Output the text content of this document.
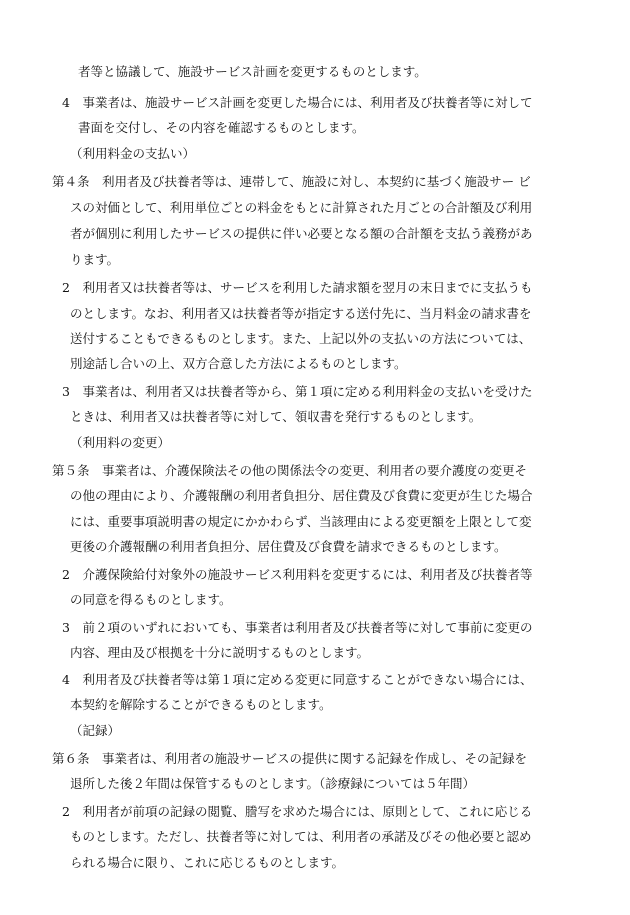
者等と協議して、施設サービス計画を変更するものとします。
4　事業者は、施設サービス計画を変更した場合には、利用者及び扶養者等に対して
書面を交付し、その内容を確認するものとします。
（利用料金の支払い）
第４条　利用者及び扶養者等は、連帯して、施設に対し、本契約に基づく施設サー ビ
スの対価として、利用単位ごとの料金をもとに計算された月ごとの合計額及び利用
者が個別に利用したサービスの提供に伴い必要となる額の合計額を支払う義務があ
ります。
2　利用者又は扶養者等は、サービスを利用した請求額を翌月の末日までに支払うも
のとします。なお、利用者又は扶養者等が指定する送付先に、当月料金の請求書を
送付することもできるものとします。また、上記以外の支払いの方法については、
別途話し合いの上、双方合意した方法によるものとします。
3　事業者は、利用者又は扶養者等から、第１項に定める利用料金の支払いを受けた
ときは、利用者又は扶養者等に対して、領収書を発行するものとします。
（利用料の変更）
第５条　事業者は、介護保険法その他の関係法令の変更、利用者の要介護度の変更そ
の他の理由により、介護報酬の利用者負担分、居住費及び食費に変更が生じた場合
には、重要事項説明書の規定にかかわらず、当該理由による変更額を上限として変
更後の介護報酬の利用者負担分、居住費及び食費を請求できるものとします。
2　介護保険給付対象外の施設サービス利用料を変更するには、利用者及び扶養者等
の同意を得るものとします。
3　前２項のいずれにおいても、事業者は利用者及び扶養者等に対して事前に変更の
内容、理由及び根拠を十分に説明するものとします。
4　利用者及び扶養者等は第１項に定める変更に同意することができない場合には、
本契約を解除することができるものとします。
（記録）
第６条　事業者は、利用者の施設サービスの提供に関する記録を作成し、その記録を
退所した後２年間は保管するものとします。（診療録については５年間）
2　利用者が前項の記録の閲覧、謄写を求めた場合には、原則として、これに応じる
ものとします。ただし、扶養者等に対しては、利用者の承諾及びその他必要と認め
られる場合に限り、これに応じるものとします。
